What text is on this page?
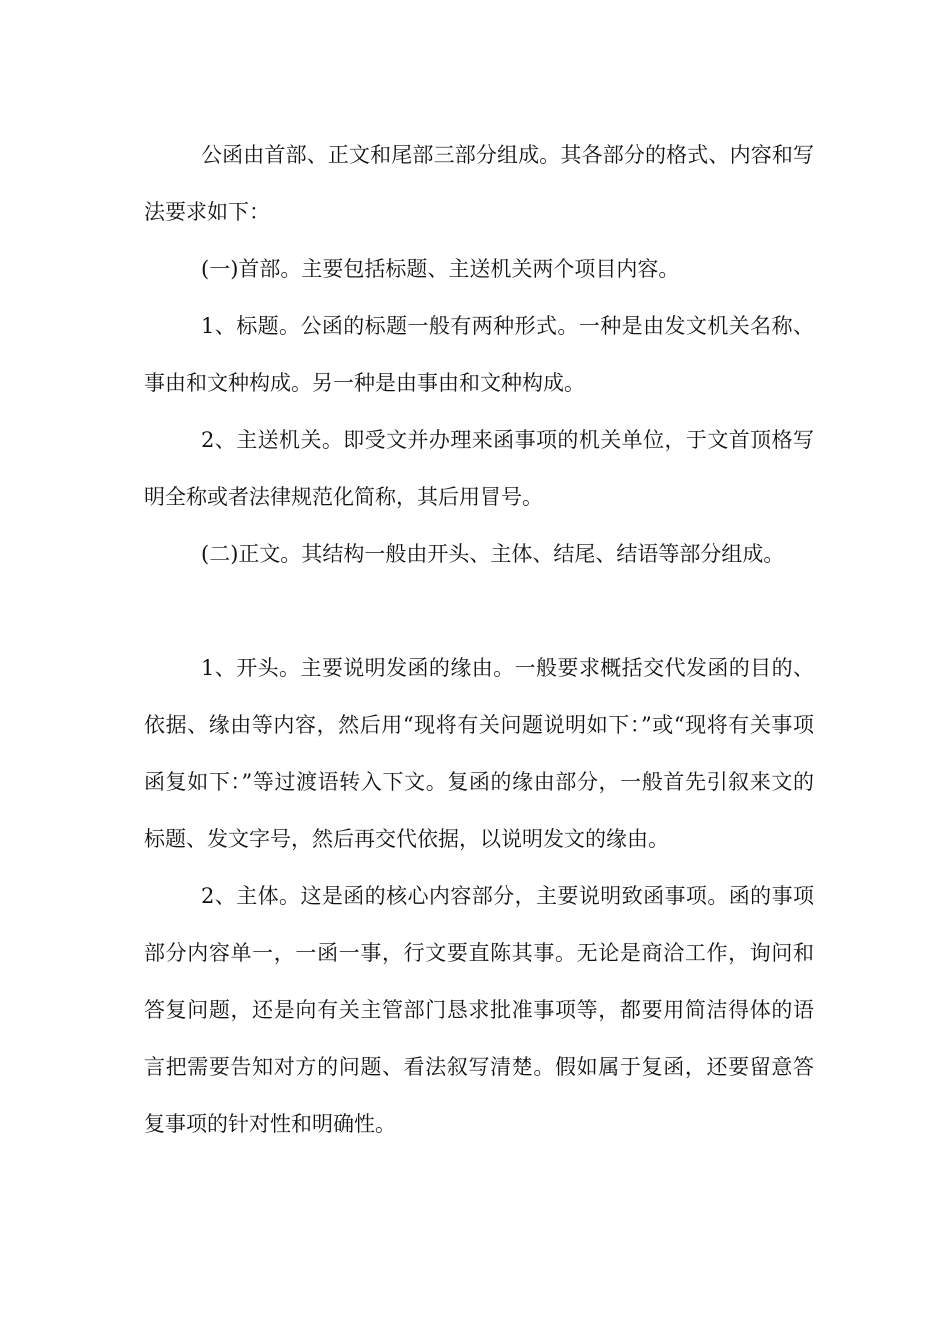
公函由首部、正文和尾部三部分组成。其各部分的格式、内容和写法要求如下：

(一)首部。主要包括标题、主送机关两个项目内容。

1、标题。公函的标题一般有两种形式。一种是由发文机关名称、事由和文种构成。另一种是由事由和文种构成。

2、主送机关。即受文并办理来函事项的机关单位，于文首顶格写明全称或者法律规范化简称，其后用冒号。

(二)正文。其结构一般由开头、主体、结尾、结语等部分组成。

1、开头。主要说明发函的缘由。一般要求概括交代发函的目的、依据、缘由等内容，然后用“现将有关问题说明如下：”或“现将有关事项函复如下：”等过渡语转入下文。复函的缘由部分，一般首先引叙来文的标题、发文字号，然后再交代依据，以说明发文的缘由。

2、主体。这是函的核心内容部分，主要说明致函事项。函的事项部分内容单一，一函一事，行文要直陈其事。无论是商洽工作，询问和答复问题，还是向有关主管部门恳求批准事项等，都要用简洁得体的语言把需要告知对方的问题、看法叙写清楚。假如属于复函，还要留意答复事项的针对性和明确性。
